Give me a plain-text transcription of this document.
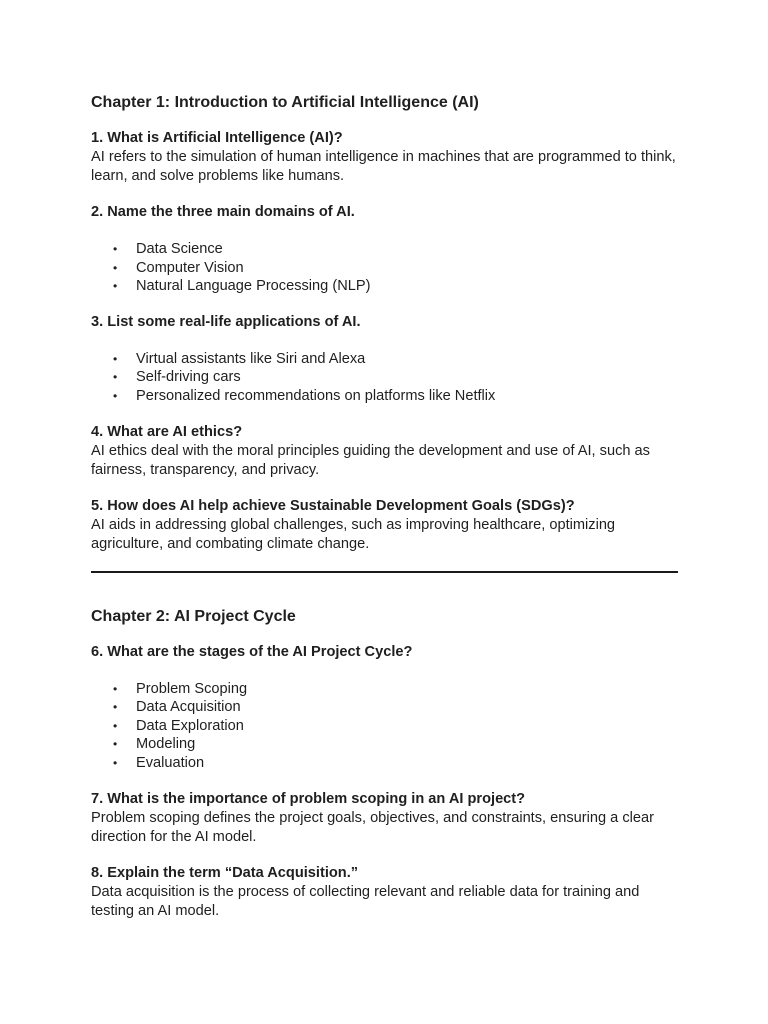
Chapter 1: Introduction to Artificial Intelligence (AI)

1. What is Artificial Intelligence (AI)?

AI refers to the simulation of human intelligence in machines that are programmed to think, learn, and solve problems like humans.

2. Name the three main domains of AI.

• Data Science
• Computer Vision
• Natural Language Processing (NLP)

3. List some real-life applications of AI.

• Virtual assistants like Siri and Alexa
• Self-driving cars
• Personalized recommendations on platforms like Netflix

4. What are AI ethics?

AI ethics deal with the moral principles guiding the development and use of AI, such as fairness, transparency, and privacy.

5. How does AI help achieve Sustainable Development Goals (SDGs)?

AI aids in addressing global challenges, such as improving healthcare, optimizing agriculture, and combating climate change.

Chapter 2: AI Project Cycle

6. What are the stages of the AI Project Cycle?

• Problem Scoping
• Data Acquisition
• Data Exploration
• Modeling
• Evaluation

7. What is the importance of problem scoping in an AI project?

Problem scoping defines the project goals, objectives, and constraints, ensuring a clear direction for the AI model.

8. Explain the term “Data Acquisition.”

Data acquisition is the process of collecting relevant and reliable data for training and testing an AI model.
